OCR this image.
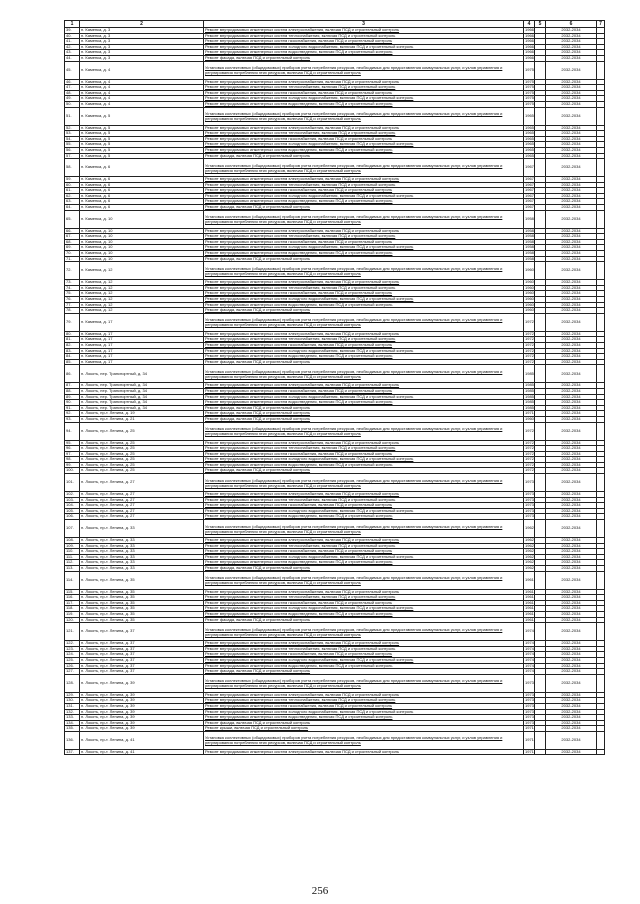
1	2	3	4	5	6	7
39.	п. Каменка, д. 3	Ремонт внутридомовых инженерных систем электроснабжения, включая ПСД и строительный контроль	1966		2032-2034	
40.	п. Каменка, д. 3	Ремонт внутридомовых инженерных систем теплоснабжения, включая ПСД и строительный контроль	1966		2032-2034	
41.	п. Каменка, д. 3	Ремонт внутридомовых инженерных систем газоснабжения, включая ПСД и строительный контроль	1966		2032-2034	
42.	п. Каменка, д. 3	Ремонт внутридомовых инженерных систем холодного водоснабжения, включая ПСД и строительный контроль	1966		2032-2034	
43.	п. Каменка, д. 3	Ремонт внутридомовых инженерных систем водоотведения, включая ПСД и строительный контроль	1966		2032-2034	
44.	п. Каменка, д. 3	Ремонт фасада, включая ПСД и строительный контроль	1966		2032-2034	
45.	п. Каменка, д. 4	Установка коллективных (общедомовых) приборов учета потребления ресурсов, необходимых для предоставления коммунальных услуг, и узлов управления и регулирования потребления этих ресурсов, включая ПСД и строительный контроль	1975		2032-2034	
46.	п. Каменка, д. 4	Ремонт внутридомовых инженерных систем электроснабжения, включая ПСД и строительный контроль	1975		2032-2034	
47.	п. Каменка, д. 4	Ремонт внутридомовых инженерных систем теплоснабжения, включая ПСД и строительный контроль	1975		2032-2034	
48.	п. Каменка, д. 4	Ремонт внутридомовых инженерных систем газоснабжения, включая ПСД и строительный контроль	1975		2032-2034	
49.	п. Каменка, д. 4	Ремонт внутридомовых инженерных систем холодного водоснабжения, включая ПСД и строительный контроль	1975		2032-2034	
50.	п. Каменка, д. 4	Ремонт внутридомовых инженерных систем водоотведения, включая ПСД и строительный контроль	1975		2032-2034	
51.	п. Каменка, д. 5	Установка коллективных (общедомовых) приборов учета потребления ресурсов, необходимых для предоставления коммунальных услуг, и узлов управления и регулирования потребления этих ресурсов, включая ПСД и строительный контроль	1965		2032-2034	
52.	п. Каменка, д. 5	Ремонт внутридомовых инженерных систем электроснабжения, включая ПСД и строительный контроль	1965		2032-2034	
53.	п. Каменка, д. 5	Ремонт внутридомовых инженерных систем теплоснабжения, включая ПСД и строительный контроль	1965		2032-2034	
54.	п. Каменка, д. 5	Ремонт внутридомовых инженерных систем газоснабжения, включая ПСД и строительный контроль	1965		2032-2034	
55.	п. Каменка, д. 5	Ремонт внутридомовых инженерных систем холодного водоснабжения, включая ПСД и строительный контроль	1965		2032-2034	
56.	п. Каменка, д. 5	Ремонт внутридомовых инженерных систем водоотведения, включая ПСД и строительный контроль	1965		2032-2034	
57.	п. Каменка, д. 5	Ремонт фасада, включая ПСД и строительный контроль	1965		2032-2034	
58.	п. Каменка, д. 6	Установка коллективных (общедомовых) приборов учета потребления ресурсов, необходимых для предоставления коммунальных услуг, и узлов управления и регулирования потребления этих ресурсов, включая ПСД и строительный контроль	1967		2032-2034	
59.	п. Каменка, д. 6	Ремонт внутридомовых инженерных систем электроснабжения, включая ПСД и строительный контроль	1967		2032-2034	
60.	п. Каменка, д. 6	Ремонт внутридомовых инженерных систем теплоснабжения, включая ПСД и строительный контроль	1967		2032-2034	
61.	п. Каменка, д. 6	Ремонт внутридомовых инженерных систем газоснабжения, включая ПСД и строительный контроль	1967		2032-2034	
62.	п. Каменка, д. 6	Ремонт внутридомовых инженерных систем холодного водоснабжения, включая ПСД и строительный контроль	1967		2032-2034	
63.	п. Каменка, д. 6	Ремонт внутридомовых инженерных систем водоотведения, включая ПСД и строительный контроль	1967		2032-2034	
64.	п. Каменка, д. 6	Ремонт фасада, включая ПСД и строительный контроль	1967		2032-2034	
65.	п. Каменка, д. 10	Установка коллективных (общедомовых) приборов учета потребления ресурсов, необходимых для предоставления коммунальных услуг, и узлов управления и регулирования потребления этих ресурсов, включая ПСД и строительный контроль	1958		2032-2034	
66.	п. Каменка, д. 10	Ремонт внутридомовых инженерных систем электроснабжения, включая ПСД и строительный контроль	1958		2032-2034	
67.	п. Каменка, д. 10	Ремонт внутридомовых инженерных систем теплоснабжения, включая ПСД и строительный контроль	1958		2032-2034	
68.	п. Каменка, д. 10	Ремонт внутридомовых инженерных систем газоснабжения, включая ПСД и строительный контроль	1958		2032-2034	
69.	п. Каменка, д. 10	Ремонт внутридомовых инженерных систем холодного водоснабжения, включая ПСД и строительный контроль	1958		2032-2034	
70.	п. Каменка, д. 10	Ремонт внутридомовых инженерных систем водоотведения, включая ПСД и строительный контроль	1958		2032-2034	
71.	п. Каменка, д. 10	Ремонт фасада, включая ПСД и строительный контроль	1958		2032-2034	
72.	п. Каменка, д. 12	Установка коллективных (общедомовых) приборов учета потребления ресурсов, необходимых для предоставления коммунальных услуг, и узлов управления и регулирования потребления этих ресурсов, включая ПСД и строительный контроль	1960		2032-2034	
73.	п. Каменка, д. 12	Ремонт внутридомовых инженерных систем электроснабжения, включая ПСД и строительный контроль	1960		2032-2034	
74.	п. Каменка, д. 12	Ремонт внутридомовых инженерных систем теплоснабжения, включая ПСД и строительный контроль	1960		2032-2034	
75.	п. Каменка, д. 12	Ремонт внутридомовых инженерных систем газоснабжения, включая ПСД и строительный контроль	1960		2032-2034	
76.	п. Каменка, д. 12	Ремонт внутридомовых инженерных систем холодного водоснабжения, включая ПСД и строительный контроль	1960		2032-2034	
77.	п. Каменка, д. 12	Ремонт внутридомовых инженерных систем водоотведения, включая ПСД и строительный контроль	1960		2032-2034	
78.	п. Каменка, д. 12	Ремонт фасада, включая ПСД и строительный контроль	1960		2032-2034	
79.	п. Каменка, д. 17	Установка коллективных (общедомовых) приборов учета потребления ресурсов, необходимых для предоставления коммунальных услуг, и узлов управления и регулирования потребления этих ресурсов, включая ПСД и строительный контроль	1972		2032-2034	
80.	п. Каменка, д. 17	Ремонт внутридомовых инженерных систем электроснабжения, включая ПСД и строительный контроль	1972		2032-2034	
81.	п. Каменка, д. 17	Ремонт внутридомовых инженерных систем теплоснабжения, включая ПСД и строительный контроль	1972		2032-2034	
82.	п. Каменка, д. 17	Ремонт внутридомовых инженерных систем газоснабжения, включая ПСД и строительный контроль	1972		2032-2034	
83.	п. Каменка, д. 17	Ремонт внутридомовых инженерных систем холодного водоснабжения, включая ПСД и строительный контроль	1972		2032-2034	
84.	п. Каменка, д. 17	Ремонт внутридомовых инженерных систем водоотведения, включая ПСД и строительный контроль	1972		2032-2034	
85.	п. Каменка, д. 17	Ремонт фасада, включая ПСД и строительный контроль	1972		2032-2034	
86.	п. Локоть, пер. Транспортный, д. 34	Установка коллективных (общедомовых) приборов учета потребления ресурсов, необходимых для предоставления коммунальных услуг, и узлов управления и регулирования потребления этих ресурсов, включая ПСД и строительный контроль	1985		2032-2034	
87.	п. Локоть, пер. Транспортный, д. 34	Ремонт внутридомовых инженерных систем электроснабжения, включая ПСД и строительный контроль	1985		2032-2034	
88.	п. Локоть, пер. Транспортный, д. 34	Ремонт внутридомовых инженерных систем газоснабжения, включая ПСД и строительный контроль	1985		2032-2034	
89.	п. Локоть, пер. Транспортный, д. 34	Ремонт внутридомовых инженерных систем холодного водоснабжения, включая ПСД и строительный контроль	1985		2032-2034	
90.	п. Локоть, пер. Транспортный, д. 34	Ремонт внутридомовых инженерных систем водоотведения, включая ПСД и строительный контроль	1985		2032-2034	
91.	п. Локоть, пер. Транспортный, д. 34	Ремонт фасада, включая ПСД и строительный контроль	1985		2032-2034	
92.	п. Локоть, пр-т. Ленина, д. 19	Ремонт фасада, включая ПСД и строительный контроль	1971		2032-2034	
93.	п. Локоть, пр-т. Ленина, д. 21	Ремонт фасада, включая ПСД и строительный контроль	1960		2032-2034	
94.	п. Локоть, пр-т. Ленина, д. 25	Установка коллективных (общедомовых) приборов учета потребления ресурсов, необходимых для предоставления коммунальных услуг, и узлов управления и регулирования потребления этих ресурсов, включая ПСД и строительный контроль	1972		2032-2034	
95.	п. Локоть, пр-т. Ленина, д. 25	Ремонт внутридомовых инженерных систем электроснабжения, включая ПСД и строительный контроль	1972		2032-2034	
96.	п. Локоть, пр-т. Ленина, д. 25	Ремонт внутридомовых инженерных систем теплоснабжения, включая ПСД и строительный контроль	1972		2032-2034	
97.	п. Локоть, пр-т. Ленина, д. 25	Ремонт внутридомовых инженерных систем газоснабжения, включая ПСД и строительный контроль	1972		2032-2034	
98.	п. Локоть, пр-т. Ленина, д. 25	Ремонт внутридомовых инженерных систем холодного водоснабжения, включая ПСД и строительный контроль	1972		2032-2034	
99.	п. Локоть, пр-т. Ленина, д. 25	Ремонт внутридомовых инженерных систем водоотведения, включая ПСД и строительный контроль	1972		2032-2034	
100.	п. Локоть, пр-т. Ленина, д. 25	Ремонт фасада, включая ПСД и строительный контроль	1972		2032-2034	
101.	п. Локоть, пр-т. Ленина, д. 27	Установка коллективных (общедомовых) приборов учета потребления ресурсов, необходимых для предоставления коммунальных услуг, и узлов управления и регулирования потребления этих ресурсов, включая ПСД и строительный контроль	1973		2032-2034	
102.	п. Локоть, пр-т. Ленина, д. 27	Ремонт внутридомовых инженерных систем электроснабжения, включая ПСД и строительный контроль	1973		2032-2034	
103.	п. Локоть, пр-т. Ленина, д. 27	Ремонт внутридомовых инженерных систем теплоснабжения, включая ПСД и строительный контроль	1973		2032-2034	
104.	п. Локоть, пр-т. Ленина, д. 27	Ремонт внутридомовых инженерных систем газоснабжения, включая ПСД и строительный контроль	1973		2032-2034	
105.	п. Локоть, пр-т. Ленина, д. 27	Ремонт внутридомовых инженерных систем холодного водоснабжения, включая ПСД и строительный контроль	1973		2032-2034	
106.	п. Локоть, пр-т. Ленина, д. 27	Ремонт внутридомовых инженерных систем водоотведения, включая ПСД и строительный контроль	1973		2032-2034	
107.	п. Локоть, пр-т. Ленина, д. 33	Установка коллективных (общедомовых) приборов учета потребления ресурсов, необходимых для предоставления коммунальных услуг, и узлов управления и регулирования потребления этих ресурсов, включая ПСД и строительный контроль	1962		2032-2034	
108.	п. Локоть, пр-т. Ленина, д. 33	Ремонт внутридомовых инженерных систем электроснабжения, включая ПСД и строительный контроль	1962		2032-2034	
109.	п. Локоть, пр-т. Ленина, д. 33	Ремонт внутридомовых инженерных систем теплоснабжения, включая ПСД и строительный контроль	1962		2032-2034	
110.	п. Локоть, пр-т. Ленина, д. 33	Ремонт внутридомовых инженерных систем газоснабжения, включая ПСД и строительный контроль	1962		2032-2034	
111.	п. Локоть, пр-т. Ленина, д. 33	Ремонт внутридомовых инженерных систем холодного водоснабжения, включая ПСД и строительный контроль	1962		2032-2034	
112.	п. Локоть, пр-т. Ленина, д. 33	Ремонт внутридомовых инженерных систем водоотведения, включая ПСД и строительный контроль	1962		2032-2034	
113.	п. Локоть, пр-т. Ленина, д. 33	Ремонт фасада, включая ПСД и строительный контроль	1962		2032-2034	
114.	п. Локоть, пр-т. Ленина, д. 35	Установка коллективных (общедомовых) приборов учета потребления ресурсов, необходимых для предоставления коммунальных услуг, и узлов управления и регулирования потребления этих ресурсов, включая ПСД и строительный контроль	1961		2032-2034	
115.	п. Локоть, пр-т. Ленина, д. 35	Ремонт внутридомовых инженерных систем электроснабжения, включая ПСД и строительный контроль	1961		2032-2034	
116.	п. Локоть, пр-т. Ленина, д. 35	Ремонт внутридомовых инженерных систем теплоснабжения, включая ПСД и строительный контроль	1961		2032-2034	
117.	п. Локоть, пр-т. Ленина, д. 35	Ремонт внутридомовых инженерных систем газоснабжения, включая ПСД и строительный контроль	1961		2032-2034	
118.	п. Локоть, пр-т. Ленина, д. 35	Ремонт внутридомовых инженерных систем холодного водоснабжения, включая ПСД и строительный контроль	1961		2032-2034	
119.	п. Локоть, пр-т. Ленина, д. 35	Ремонт внутридомовых инженерных систем водоотведения, включая ПСД и строительный контроль	1961		2032-2034	
120.	п. Локоть, пр-т. Ленина, д. 35	Ремонт фасада, включая ПСД и строительный контроль	1961		2032-2034	
121.	п. Локоть, пр-т. Ленина, д. 37	Установка коллективных (общедомовых) приборов учета потребления ресурсов, необходимых для предоставления коммунальных услуг, и узлов управления и регулирования потребления этих ресурсов, включая ПСД и строительный контроль	1974		2032-2034	
122.	п. Локоть, пр-т. Ленина, д. 37	Ремонт внутридомовых инженерных систем электроснабжения, включая ПСД и строительный контроль	1974		2032-2034	
123.	п. Локоть, пр-т. Ленина, д. 37	Ремонт внутридомовых инженерных систем теплоснабжения, включая ПСД и строительный контроль	1974		2032-2034	
124.	п. Локоть, пр-т. Ленина, д. 37	Ремонт внутридомовых инженерных систем газоснабжения, включая ПСД и строительный контроль	1974		2032-2034	
125.	п. Локоть, пр-т. Ленина, д. 37	Ремонт внутридомовых инженерных систем холодного водоснабжения, включая ПСД и строительный контроль	1974		2032-2034	
126.	п. Локоть, пр-т. Ленина, д. 37	Ремонт внутридомовых инженерных систем водоотведения, включая ПСД и строительный контроль	1974		2032-2034	
127.	п. Локоть, пр-т. Ленина, д. 37	Ремонт фасада, включая ПСД и строительный контроль	1974		2032-2034	
128.	п. Локоть, пр-т. Ленина, д. 39	Установка коллективных (общедомовых) приборов учета потребления ресурсов, необходимых для предоставления коммунальных услуг, и узлов управления и регулирования потребления этих ресурсов, включая ПСД и строительный контроль	1973		2032-2034	
129.	п. Локоть, пр-т. Ленина, д. 39	Ремонт внутридомовых инженерных систем электроснабжения, включая ПСД и строительный контроль	1973		2032-2034	
130.	п. Локоть, пр-т. Ленина, д. 39	Ремонт внутридомовых инженерных систем теплоснабжения, включая ПСД и строительный контроль	1973		2032-2034	
131.	п. Локоть, пр-т. Ленина, д. 39	Ремонт внутридомовых инженерных систем газоснабжения, включая ПСД и строительный контроль	1973		2032-2034	
132.	п. Локоть, пр-т. Ленина, д. 39	Ремонт внутридомовых инженерных систем холодного водоснабжения, включая ПСД и строительный контроль	1973		2032-2034	
133.	п. Локоть, пр-т. Ленина, д. 39	Ремонт внутридомовых инженерных систем водоотведения, включая ПСД и строительный контроль	1973		2032-2034	
134.	п. Локоть, пр-т. Ленина, д. 39	Ремонт фасада, включая ПСД и строительный контроль	1973		2032-2034	
135.	п. Локоть, пр-т. Ленина, д. 39	Ремонт крыши, включая ПСД и строительный контроль	1971		2032-2034	
136.	п. Локоть, пр-т. Ленина, д. 41	Установка коллективных (общедомовых) приборов учета потребления ресурсов, необходимых для предоставления коммунальных услуг, и узлов управления и регулирования потребления этих ресурсов, включая ПСД и строительный контроль	1971		2032-2034	
137.	п. Локоть, пр-т. Ленина, д. 41	Ремонт внутридомовых инженерных систем электроснабжения, включая ПСД и строительный контроль	1971		2032-2034	
256
